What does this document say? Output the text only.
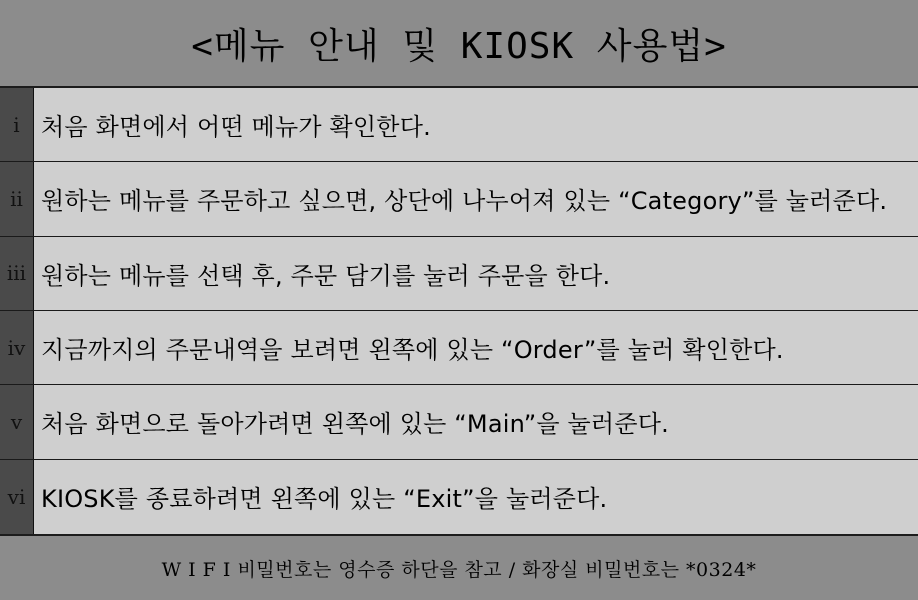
<메뉴 안내 및 KIOSK 사용법>
i 처음 화면에서 어떤 메뉴가 확인한다.
ii 원하는 메뉴를 주문하고 싶으면, 상단에 나누어져 있는 “Category”를 눌러준다.
iii 원하는 메뉴를 선택 후, 주문 담기를 눌러 주문을 한다.
iv 지금까지의 주문내역을 보려면 왼쪽에 있는 “Order”를 눌러 확인한다.
v 처음 화면으로 돌아가려면 왼쪽에 있는 “Main”을 눌러준다.
vi KIOSK를 종료하려면 왼쪽에 있는 “Exit”을 눌러준다.
W I F I 비밀번호는 영수증 하단을 참고 / 화장실 비밀번호는 *0324*
